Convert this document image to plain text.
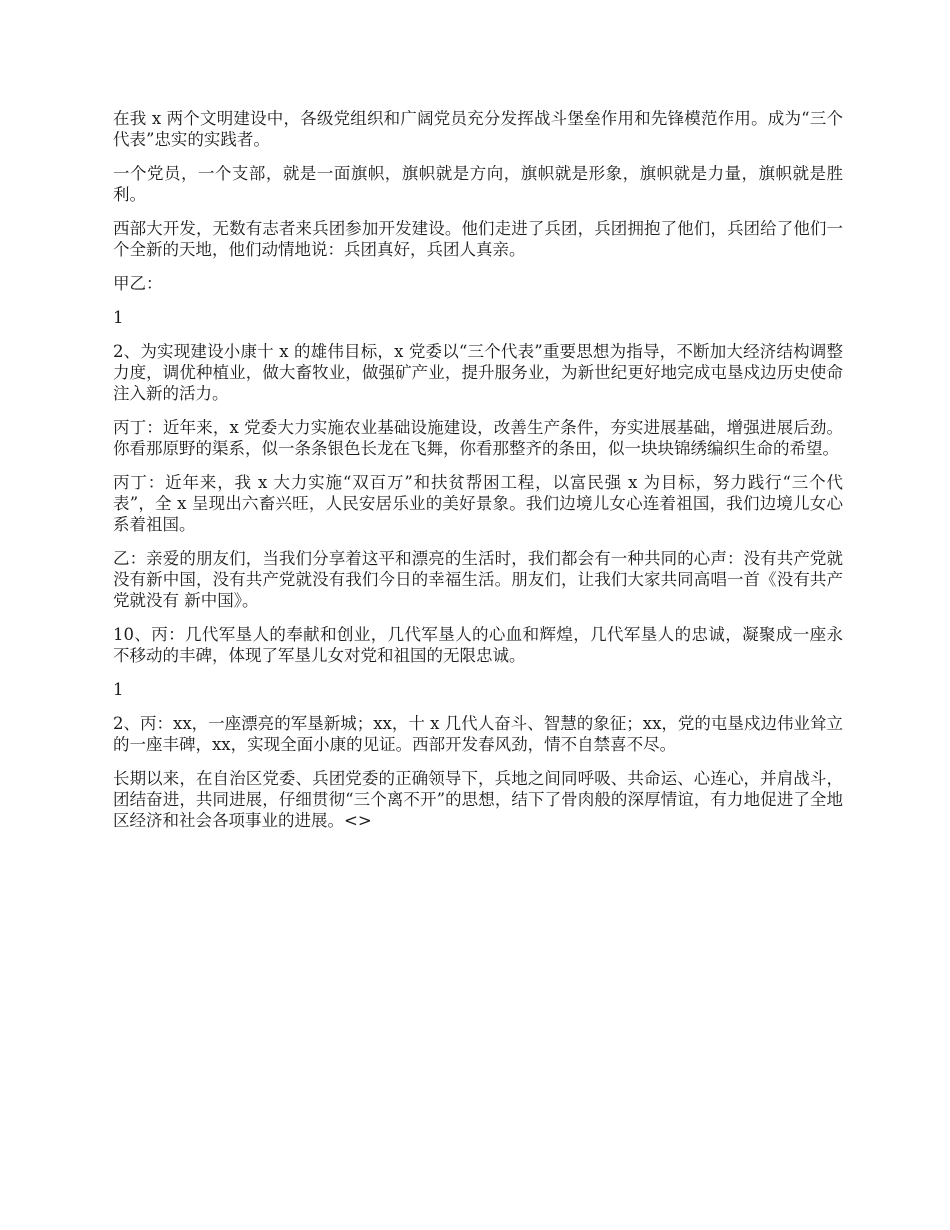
在我 x 两个文明建设中，各级党组织和广阔党员充分发挥战斗堡垒作用和先锋模范作用。成为“三个代表”忠实的实践者。

一个党员，一个支部，就是一面旗帜，旗帜就是方向，旗帜就是形象，旗帜就是力量，旗帜就是胜利。

西部大开发，无数有志者来兵团参加开发建设。他们走进了兵团，兵团拥抱了他们，兵团给了他们一个全新的天地，他们动情地说：兵团真好，兵团人真亲。

甲乙：

1

2、为实现建设小康十 x 的雄伟目标，x 党委以“三个代表”重要思想为指导，不断加大经济结构调整力度，调优种植业，做大畜牧业，做强矿产业，提升服务业，为新世纪更好地完成屯垦戍边历史使命注入新的活力。

丙丁：近年来，x 党委大力实施农业基础设施建设，改善生产条件，夯实进展基础，增强进展后劲。你看那原野的渠系，似一条条银色长龙在飞舞，你看那整齐的条田，似一块块锦绣编织生命的希望。

丙丁：近年来，我 x 大力实施“双百万”和扶贫帮困工程，以富民强 x 为目标，努力践行“三个代表”，全 x 呈现出六畜兴旺，人民安居乐业的美好景象。我们边境儿女心连着祖国，我们边境儿女心系着祖国。

乙：亲爱的朋友们，当我们分享着这平和漂亮的生活时，我们都会有一种共同的心声：没有共产党就没有新中国，没有共产党就没有我们今日的幸福生活。朋友们，让我们大家共同高唱一首《没有共产党就没有 新中国》。

10、丙：几代军垦人的奉献和创业，几代军垦人的心血和辉煌，几代军垦人的忠诚，凝聚成一座永不移动的丰碑，体现了军垦儿女对党和祖国的无限忠诚。

1

2、丙：xx，一座漂亮的军垦新城；xx，十 x 几代人奋斗、智慧的象征；xx，党的屯垦戍边伟业耸立的一座丰碑，xx，实现全面小康的见证。西部开发春风劲，情不自禁喜不尽。

长期以来，在自治区党委、兵团党委的正确领导下，兵地之间同呼吸、共命运、心连心，并肩战斗，团结奋进，共同进展，仔细贯彻“三个离不开”的思想，结下了骨肉般的深厚情谊，有力地促进了全地区经济和社会各项事业的进展。<>
